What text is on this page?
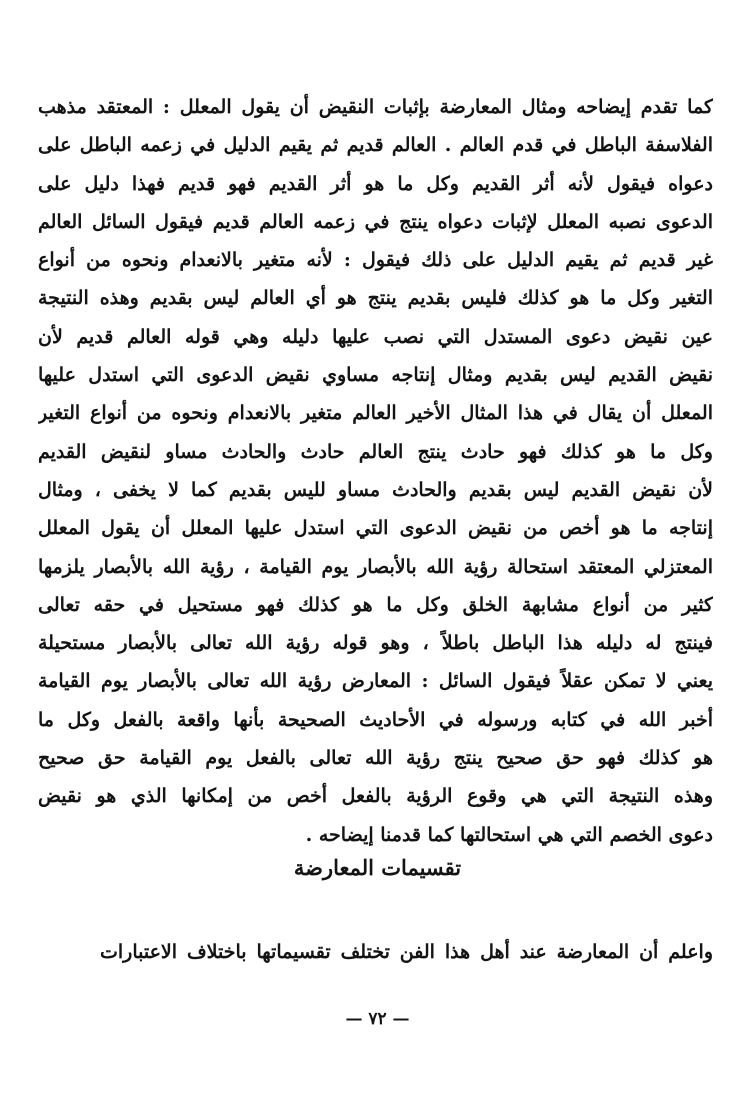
كما تقدم إيضاحه ومثال المعارضة بإثبات النقيض أن يقول المعلل : المعتقد مذهب
الفلاسفة الباطل في قدم العالم . العالم قديم ثم يقيم الدليل في زعمه الباطل على
دعواه فيقول لأنه أثر القديم وكل ما هو أثر القديم فهو قديم فهذا دليل على
الدعوى نصبه المعلل لإثبات دعواه ينتج في زعمه العالم قديم فيقول السائل العالم
غير قديم ثم يقيم الدليل على ذلك فيقول : لأنه متغير بالانعدام ونحوه من أنواع
التغير وكل ما هو كذلك فليس بقديم ينتج هو أي العالم ليس بقديم وهذه النتيجة
عين نقيض دعوى المستدل التي نصب عليها دليله وهي قوله العالم قديم لأن
نقيض القديم ليس بقديم ومثال إنتاجه مساوي نقيض الدعوى التي استدل عليها
المعلل أن يقال في هذا المثال الأخير العالم متغير بالانعدام ونحوه من أنواع التغير
وكل ما هو كذلك فهو حادث ينتج العالم حادث والحادث مساو لنقيض القديم
لأن نقيض القديم ليس بقديم والحادث مساو لليس بقديم كما لا يخفى ، ومثال
إنتاجه ما هو أخص من نقيض الدعوى التي استدل عليها المعلل أن يقول المعلل
المعتزلي المعتقد استحالة رؤية الله بالأبصار يوم القيامة ، رؤية الله بالأبصار يلزمها
كثير من أنواع مشابهة الخلق وكل ما هو كذلك فهو مستحيل في حقه تعالى
فينتج له دليله هذا الباطل باطلاً ، وهو قوله رؤية الله تعالى بالأبصار مستحيلة
يعني لا تمكن عقلاً فيقول السائل : المعارض رؤية الله تعالى بالأبصار يوم القيامة
أخبر الله في كتابه ورسوله في الأحاديث الصحيحة بأنها واقعة بالفعل وكل ما
هو كذلك فهو حق صحيح ينتج رؤية الله تعالى بالفعل يوم القيامة حق صحيح
وهذه النتيجة التي هي وقوع الرؤية بالفعل أخص من إمكانها الذي هو نقيض
دعوى الخصم التي هي استحالتها كما قدمنا إيضاحه .
تقسيمات المعارضة
واعلم أن المعارضة عند أهل هذا الفن تختلف تقسيماتها باختلاف الاعتبارات
— ٧٢ —
